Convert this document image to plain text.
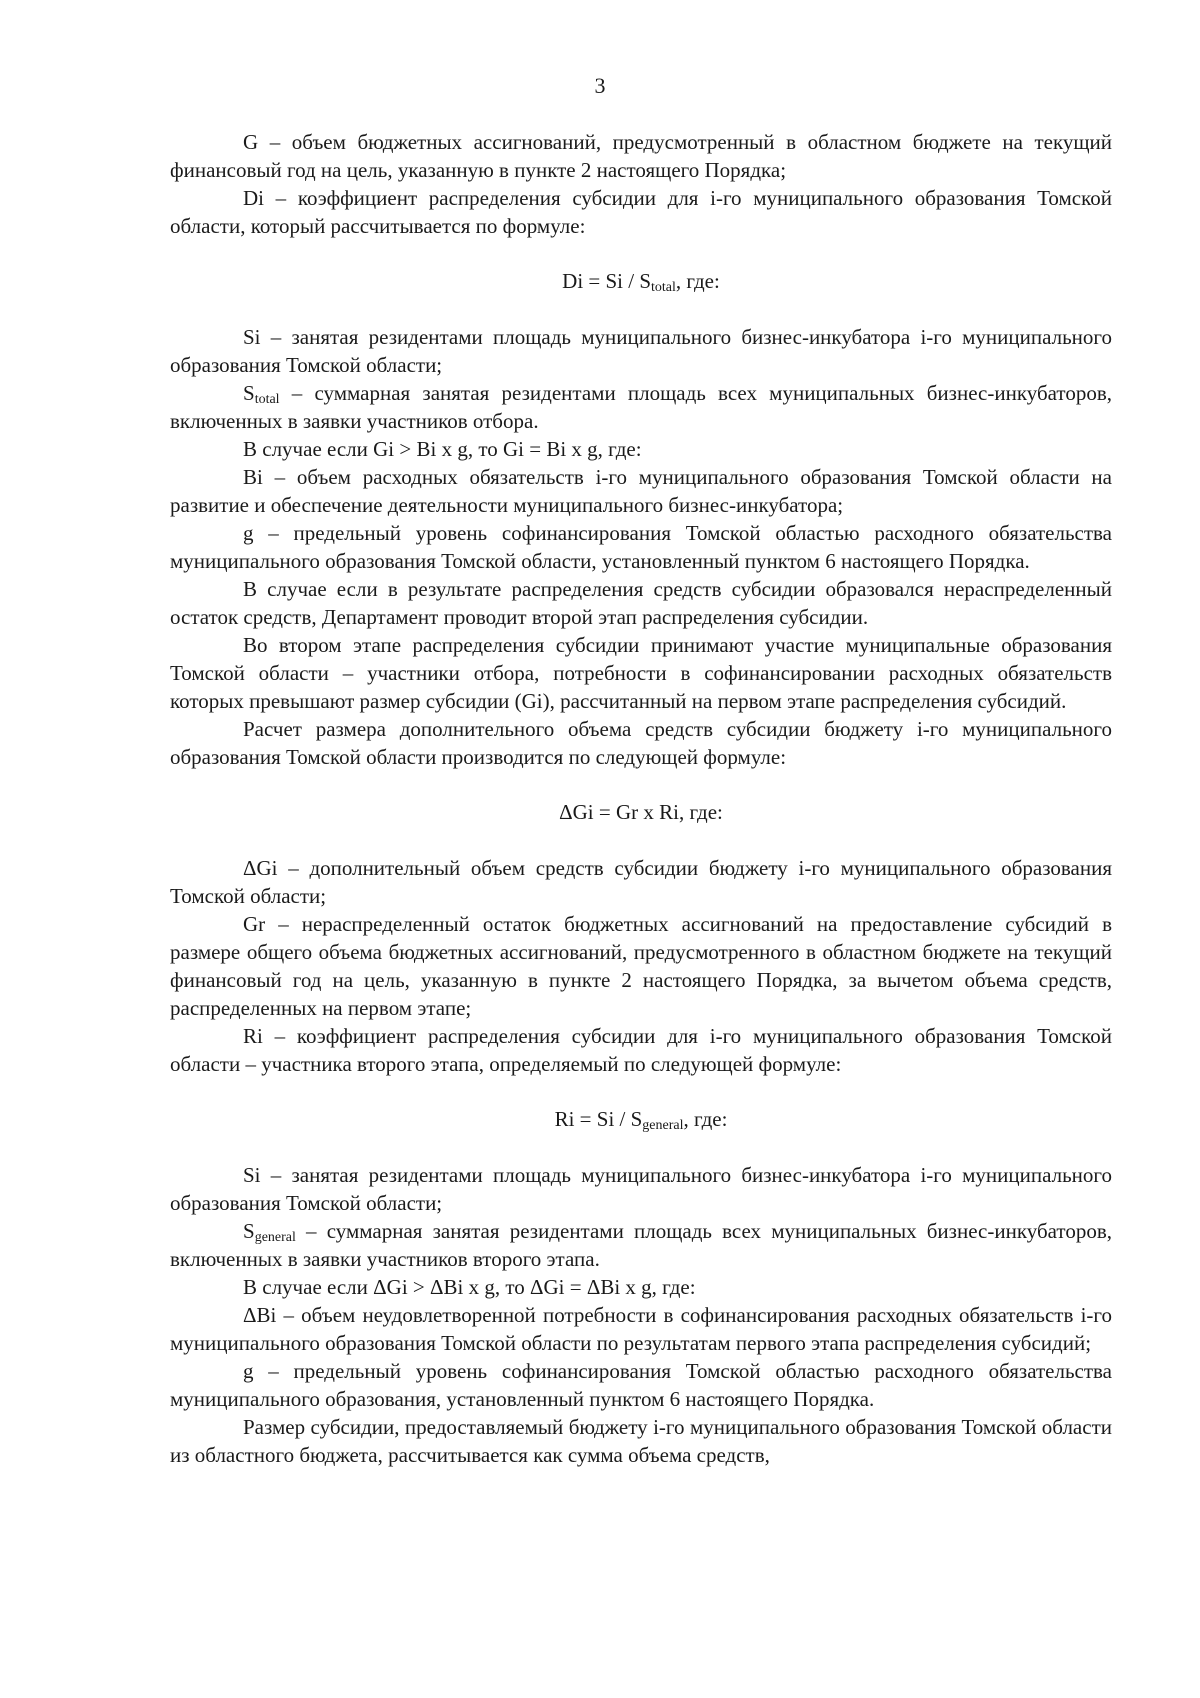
3

G – объем бюджетных ассигнований, предусмотренный в областном бюджете на текущий финансовый год на цель, указанную в пункте 2 настоящего Порядка;

Di – коэффициент распределения субсидии для i-го муниципального образования Томской области, который рассчитывается по формуле:

$Di = Si / S_{total}$, где:

Si – занятая резидентами площадь муниципального бизнес-инкубатора i-го муниципального образования Томской области;

$S_{total}$ – суммарная занятая резидентами площадь всех муниципальных бизнес-инкубаторов, включенных в заявки участников отбора.

В случае если Gi > Bi x g, то Gi = Bi x g, где:

Bi – объем расходных обязательств i-го муниципального образования Томской области на развитие и обеспечение деятельности муниципального бизнес-инкубатора;

g – предельный уровень софинансирования Томской областью расходного обязательства муниципального образования Томской области, установленный пунктом 6 настоящего Порядка.

В случае если в результате распределения средств субсидии образовался нераспределенный остаток средств, Департамент проводит второй этап распределения субсидии.

Во втором этапе распределения субсидии принимают участие муниципальные образования Томской области – участники отбора, потребности в софинансировании расходных обязательств которых превышают размер субсидии (Gi), рассчитанный на первом этапе распределения субсидий.

Расчет размера дополнительного объема средств субсидии бюджету i-го муниципального образования Томской области производится по следующей формуле:

ΔGi = Gr x Ri, где:

ΔGi – дополнительный объем средств субсидии бюджету i-го муниципального образования Томской области;

Gr – нераспределенный остаток бюджетных ассигнований на предоставление субсидий в размере общего объема бюджетных ассигнований, предусмотренного в областном бюджете на текущий финансовый год на цель, указанную в пункте 2 настоящего Порядка, за вычетом объема средств, распределенных на первом этапе;

Ri – коэффициент распределения субсидии для i-го муниципального образования Томской области – участника второго этапа, определяемый по следующей формуле:

$Ri = Si / S_{general}$, где:

Si – занятая резидентами площадь муниципального бизнес-инкубатора i-го муниципального образования Томской области;

$S_{general}$ – суммарная занятая резидентами площадь всех муниципальных бизнес-инкубаторов, включенных в заявки участников второго этапа.

В случае если ΔGi > ΔBi x g, то ΔGi = ΔBi x g, где:

ΔBi – объем неудовлетворенной потребности в софинансирования расходных обязательств i-го муниципального образования Томской области по результатам первого этапа распределения субсидий;

g – предельный уровень софинансирования Томской областью расходного обязательства муниципального образования, установленный пунктом 6 настоящего Порядка.

Размер субсидии, предоставляемый бюджету i-го муниципального образования Томской области из областного бюджета, рассчитывается как сумма объема средств,
